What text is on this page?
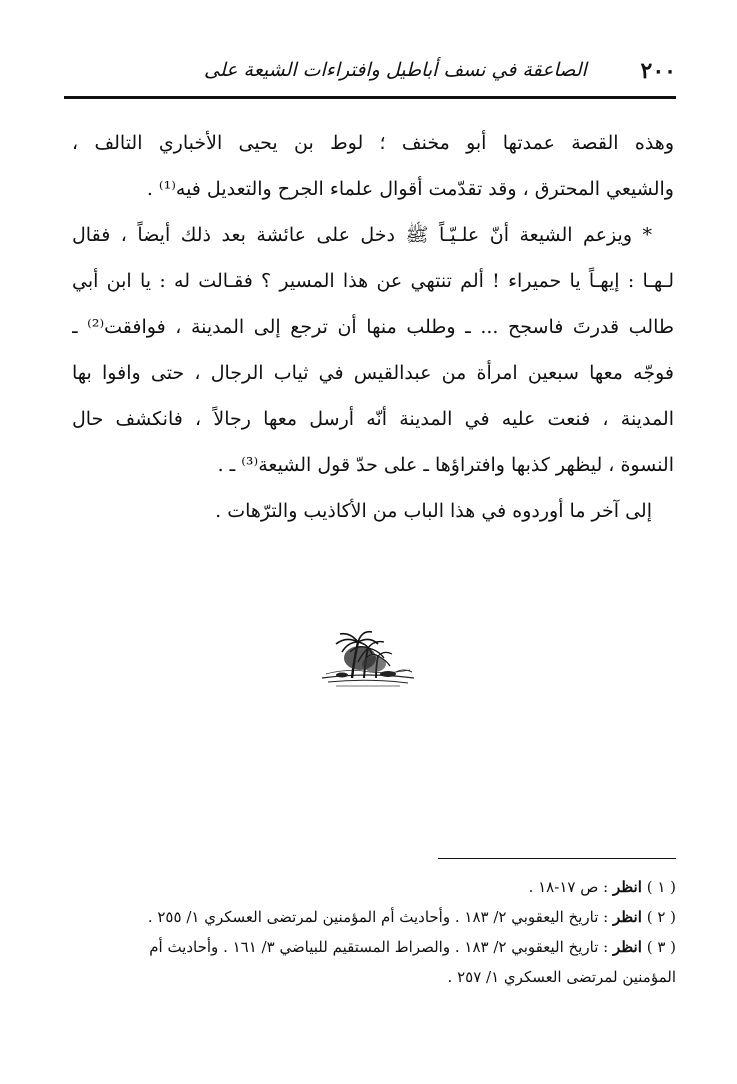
٢٠٠
الصاعقة في نسف أباطيل وافتراءات الشيعة على
وهذه القصة عمدتها أبو مخنف ؛ لوط بن يحيى الأخباري التالف ،
والشيعي المحترق ، وقد تقدّمت أقوال علماء الجرح والتعديل فيه⁽¹⁾ .
* ويزعم الشيعة أنّ علـيّـاً ﷺ دخل على عائشة بعد ذلك أيضاً ، فقال
لـهـا : إيهـاً يا حميراء ! ألم تنتهي عن هذا المسير ؟ فقـالت له : يا ابن أبي
طالب قدرتَ فاسجح ... ـ وطلب منها أن ترجع إلى المدينة ، فوافقت⁽²⁾ ـ
فوجّه معها سبعين امرأة من عبدالقيس في ثياب الرجال ، حتى وافوا بها
المدينة ، فنعت عليه في المدينة أنّه أرسل معها رجالاً ، فانكشف حال
النسوة ، ليظهر كذبها وافتراؤها ـ على حدّ قول الشيعة⁽³⁾ ـ .
إلى آخر ما أوردوه في هذا الباب من الأكاذيب والترّهات .
( ١ ) انظر : ص ١٧-١٨ .
( ٢ ) انظر : تاريخ اليعقوبي ٢/ ١٨٣ . وأحاديث أم المؤمنين لمرتضى العسكري ١/ ٢٥٥ .
( ٣ ) انظر : تاريخ اليعقوبي ٢/ ١٨٣ . والصراط المستقيم للبياضي ٣/ ١٦١ . وأحاديث أم
المؤمنين لمرتضى العسكري ١/ ٢٥٧ .
